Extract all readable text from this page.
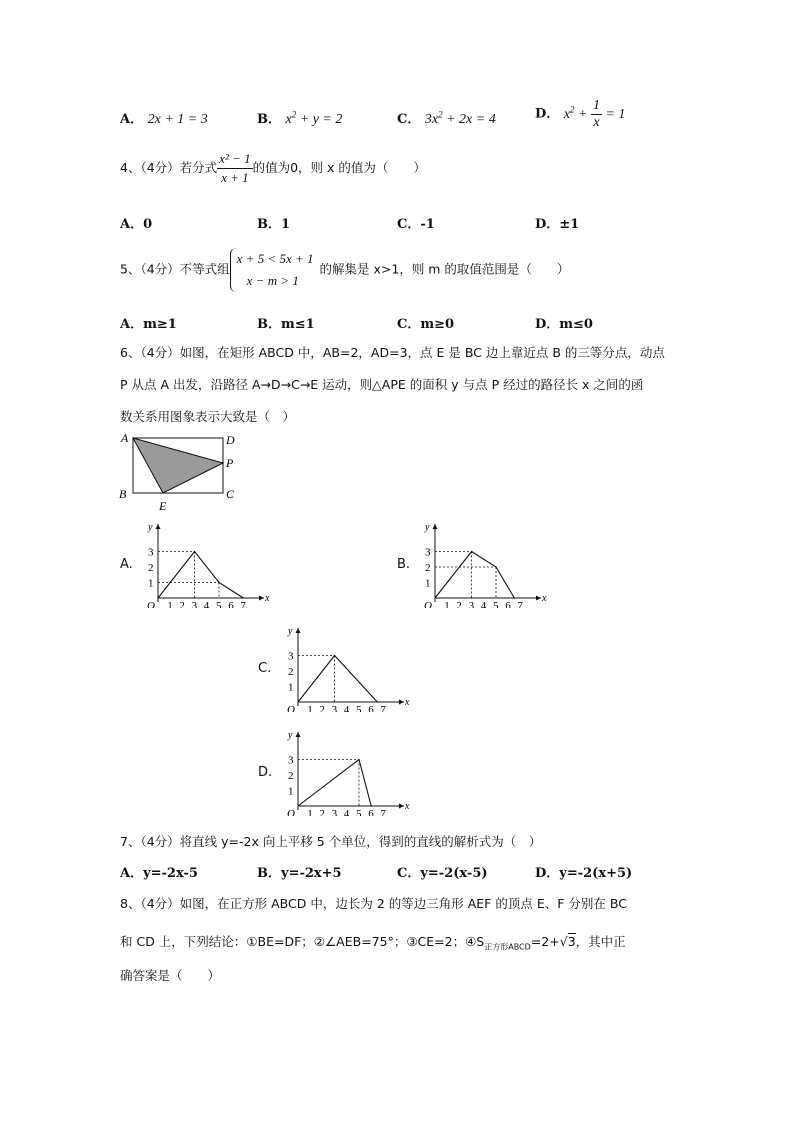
A． 2x + 1 = 3	B． $x^2 + y = 2$	C． $3x^2 + 2x = 4$	D． $x^2 + \frac{1}{x} = 1$
4、（4分）若分式 $\frac{\text{x² − 1}}{x + 1}$ 的值为0，则 x 的值为（　　）
A．0	B．1	C．-1	D．±1
5、（4分）不等式组
x + 5 < 5x + 1
x − m > 1
的解集是 x>1，则 m 的取值范围是（　　）
A．m≥1	B．m≤1	C．m≥0	D．m≤0
6、（4分）如图，在矩形 ABCD 中，AB=2，AD=3，点 E 是 BC 边上靠近点 B 的三等分点，动点
P 从点 A 出发，沿路径 A→D→C→E 运动，则△APE 的面积 y 与点 P 经过的路径长 x 之间的函
数关系用图象表示大致是（　）
A	D
P
B	C
E
A.	B.
C.
D.
x
y
O 1 2 3 4 5 6 7
1
2
3
x
y
O 1 2 3 4 5 6 7
1
2
3
x
y
O 1 2 3 4 5 6 7
1
2
3
x
y
O 1 2 3 4 5 6 7
1
2
3
7、（4分）将直线 y=-2x 向上平移 5 个单位，得到的直线的解析式为（　）
A．y=-2x-5	B．y=-2x+5	C．y=-2(x-5)	D．y=-2(x+5)
8、（4分）如图，在正方形 ABCD 中，边长为 2 的等边三角形 AEF 的顶点 E、F 分别在 BC
和 CD 上，下列结论：①BE=DF；②∠AEB=75°；③CE=2；$④S_{正方形ABCD}=2+√3$，其中正
确答案是（　　）
